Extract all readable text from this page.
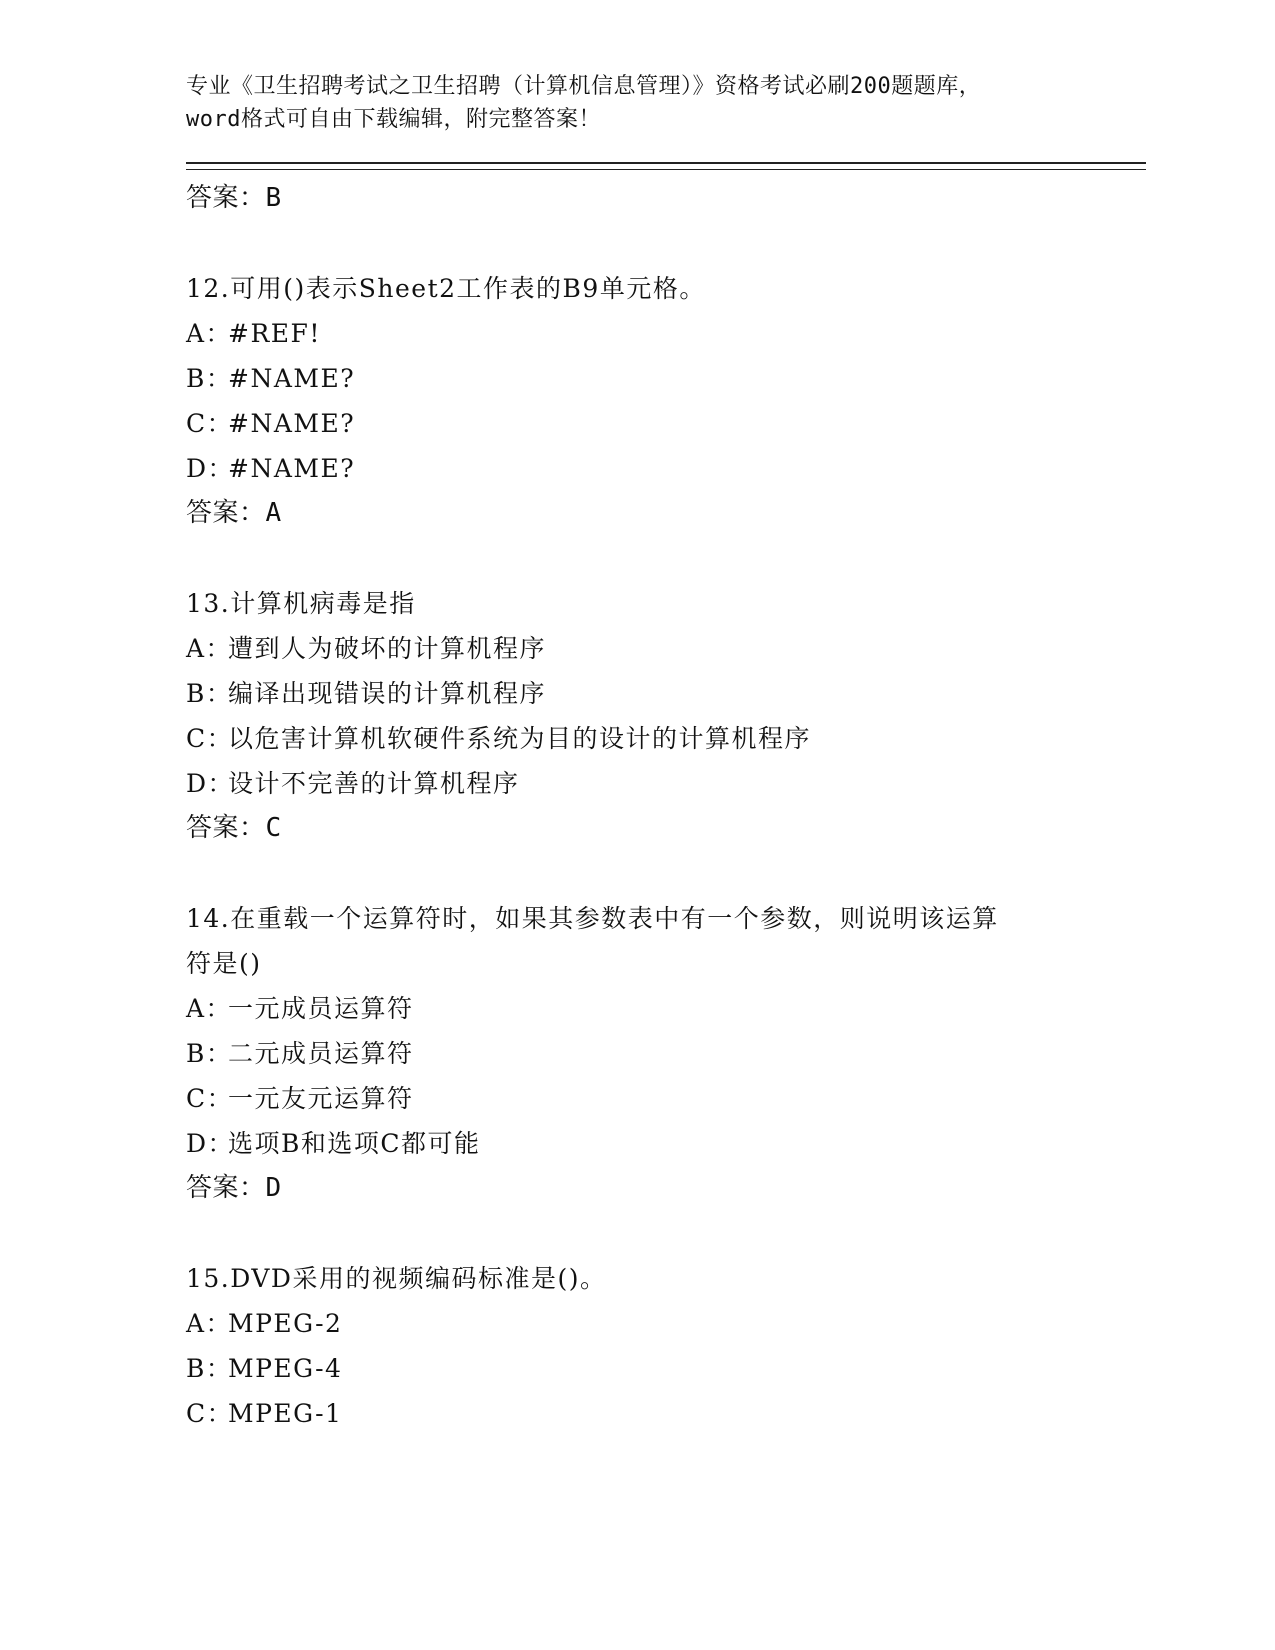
专业《卫生招聘考试之卫生招聘（计算机信息管理）》资格考试必刷200题题库，

word格式可自由下载编辑，附完整答案！

答案：B

12.可用()表示Sheet2工作表的B9单元格。

A：#REF!

B：#NAME?

C：#NAME?

D：#NAME?

答案：A

13.计算机病毒是指

A：遭到人为破坏的计算机程序

B：编译出现错误的计算机程序

C：以危害计算机软硬件系统为目的设计的计算机程序

D：设计不完善的计算机程序

答案：C

14.在重载一个运算符时，如果其参数表中有一个参数，则说明该运算

符是()

A：一元成员运算符

B：二元成员运算符

C：一元友元运算符

D：选项B和选项C都可能

答案：D

15.DVD采用的视频编码标准是()。

A：MPEG-2

B：MPEG-4

C：MPEG-1
